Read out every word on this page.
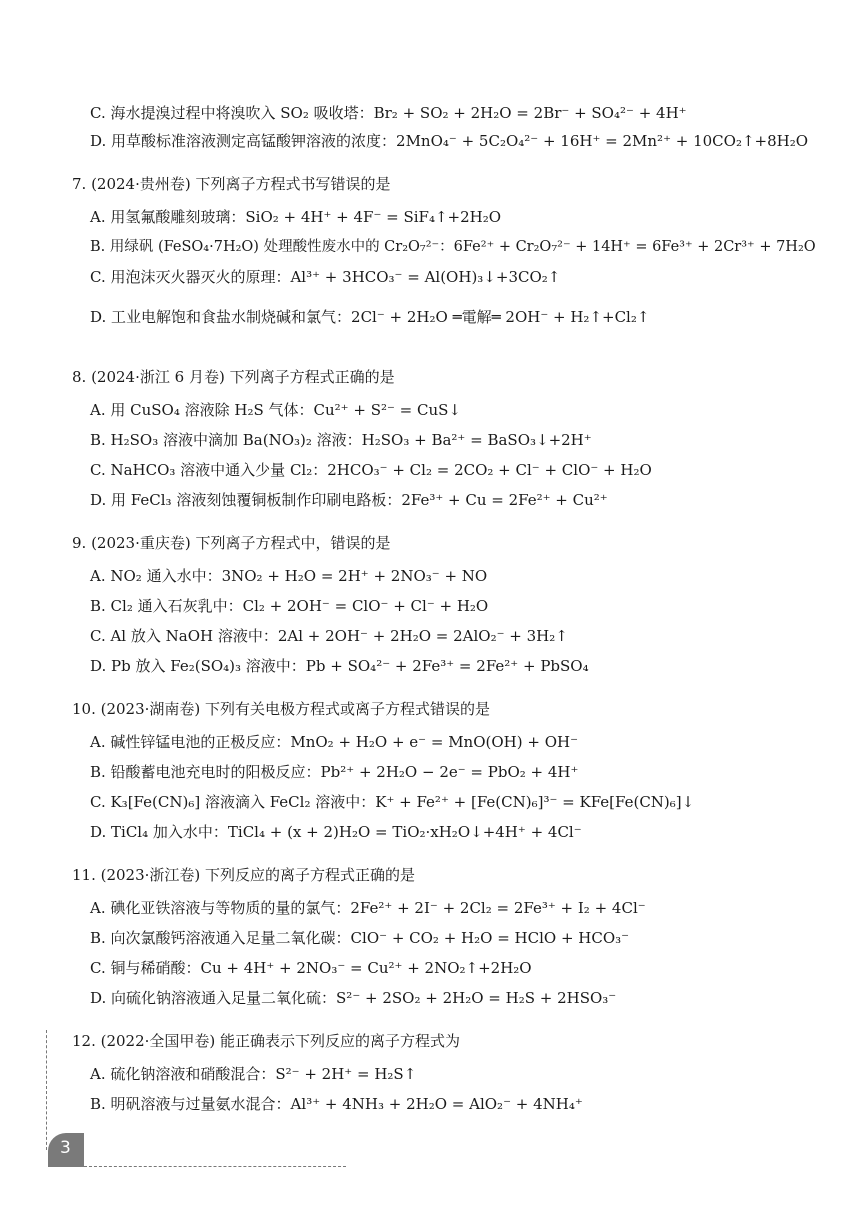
C. 海水提溴过程中将溴吹入 SO₂ 吸收塔：Br₂ + SO₂ + 2H₂O = 2Br⁻ + SO₄²⁻ + 4H⁺
D. 用草酸标准溶液测定高锰酸钾溶液的浓度：2MnO₄⁻ + 5C₂O₄²⁻ + 16H⁺ = 2Mn²⁺ + 10CO₂↑+8H₂O
7. (2024·贵州卷) 下列离子方程式书写错误的是
A. 用氢氟酸雕刻玻璃：SiO₂ + 4H⁺ + 4F⁻ = SiF₄↑+2H₂O
B. 用绿矾 (FeSO₄·7H₂O) 处理酸性废水中的 Cr₂O₇²⁻：6Fe²⁺ + Cr₂O₇²⁻ + 14H⁺ = 6Fe³⁺ + 2Cr³⁺ + 7H₂O
C. 用泡沫灭火器灭火的原理：Al³⁺ + 3HCO₃⁻ = Al(OH)₃↓+3CO₂↑
D. 工业电解饱和食盐水制烧碱和氯气：2Cl⁻ + 2H₂O ═電解═ 2OH⁻ + H₂↑+Cl₂↑
8. (2024·浙江 6 月卷) 下列离子方程式正确的是
A. 用 CuSO₄ 溶液除 H₂S 气体：Cu²⁺ + S²⁻ = CuS↓
B. H₂SO₃ 溶液中滴加 Ba(NO₃)₂ 溶液：H₂SO₃ + Ba²⁺ = BaSO₃↓+2H⁺
C. NaHCO₃ 溶液中通入少量 Cl₂：2HCO₃⁻ + Cl₂ = 2CO₂ + Cl⁻ + ClO⁻ + H₂O
D. 用 FeCl₃ 溶液刻蚀覆铜板制作印刷电路板：2Fe³⁺ + Cu = 2Fe²⁺ + Cu²⁺
9. (2023·重庆卷) 下列离子方程式中，错误的是
A. NO₂ 通入水中：3NO₂ + H₂O = 2H⁺ + 2NO₃⁻ + NO
B. Cl₂ 通入石灰乳中：Cl₂ + 2OH⁻ = ClO⁻ + Cl⁻ + H₂O
C. Al 放入 NaOH 溶液中：2Al + 2OH⁻ + 2H₂O = 2AlO₂⁻ + 3H₂↑
D. Pb 放入 Fe₂(SO₄)₃ 溶液中：Pb + SO₄²⁻ + 2Fe³⁺ = 2Fe²⁺ + PbSO₄
10. (2023·湖南卷) 下列有关电极方程式或离子方程式错误的是
A. 碱性锌锰电池的正极反应：MnO₂ + H₂O + e⁻ = MnO(OH) + OH⁻
B. 铅酸蓄电池充电时的阳极反应：Pb²⁺ + 2H₂O − 2e⁻ = PbO₂ + 4H⁺
C. K₃[Fe(CN)₆] 溶液滴入 FeCl₂ 溶液中：K⁺ + Fe²⁺ + [Fe(CN)₆]³⁻ = KFe[Fe(CN)₆]↓
D. TiCl₄ 加入水中：TiCl₄ + (x + 2)H₂O = TiO₂·xH₂O↓+4H⁺ + 4Cl⁻
11. (2023·浙江卷) 下列反应的离子方程式正确的是
A. 碘化亚铁溶液与等物质的量的氯气：2Fe²⁺ + 2I⁻ + 2Cl₂ = 2Fe³⁺ + I₂ + 4Cl⁻
B. 向次氯酸钙溶液通入足量二氧化碳：ClO⁻ + CO₂ + H₂O = HClO + HCO₃⁻
C. 铜与稀硝酸：Cu + 4H⁺ + 2NO₃⁻ = Cu²⁺ + 2NO₂↑+2H₂O
D. 向硫化钠溶液通入足量二氧化硫：S²⁻ + 2SO₂ + 2H₂O = H₂S + 2HSO₃⁻
12. (2022·全国甲卷) 能正确表示下列反应的离子方程式为
A. 硫化钠溶液和硝酸混合：S²⁻ + 2H⁺ = H₂S↑
B. 明矾溶液与过量氨水混合：Al³⁺ + 4NH₃ + 2H₂O = AlO₂⁻ + 4NH₄⁺
3
